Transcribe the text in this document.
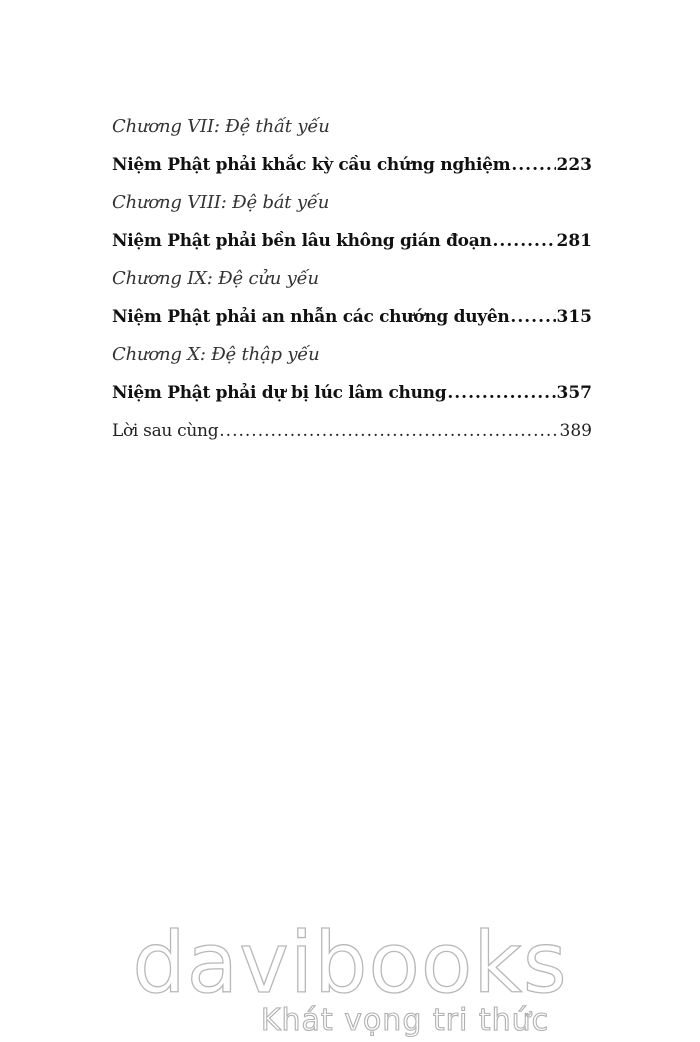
Chương VII: Đệ thất yếu
Niệm Phật phải khắc kỳ cầu chứng nghiệm .....	223
Chương VIII: Đệ bát yếu
Niệm Phật phải bền lâu không gián đoạn .....	281
Chương IX: Đệ cửu yếu
Niệm Phật phải an nhẫn các chướng duyên .....	315
Chương X: Đệ thập yếu
Niệm Phật phải dự bị lúc lâm chung .....	357
Lời sau cùng .....	389
davibooks
Khát vọng tri thức
